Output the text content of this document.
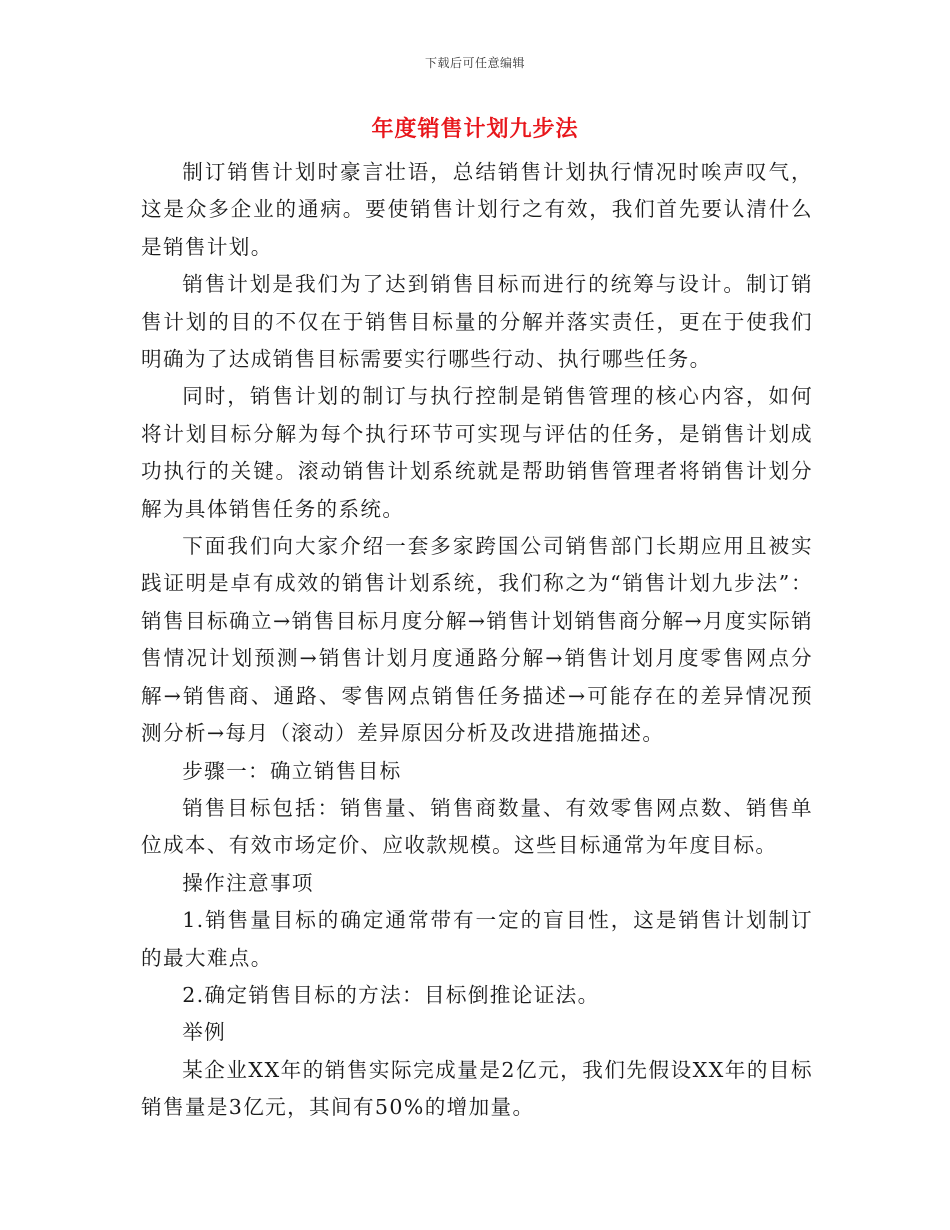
下载后可任意编辑
年度销售计划九步法

制订销售计划时豪言壮语，总结销售计划执行情况时唉声叹气，这是众多企业的通病。要使销售计划行之有效，我们首先要认清什么是销售计划。

销售计划是我们为了达到销售目标而进行的统筹与设计。制订销售计划的目的不仅在于销售目标量的分解并落实责任，更在于使我们明确为了达成销售目标需要实行哪些行动、执行哪些任务。

同时，销售计划的制订与执行控制是销售管理的核心内容，如何将计划目标分解为每个执行环节可实现与评估的任务，是销售计划成功执行的关键。滚动销售计划系统就是帮助销售管理者将销售计划分解为具体销售任务的系统。

下面我们向大家介绍一套多家跨国公司销售部门长期应用且被实践证明是卓有成效的销售计划系统，我们称之为“销售计划九步法”：销售目标确立→销售目标月度分解→销售计划销售商分解→月度实际销售情况计划预测→销售计划月度通路分解→销售计划月度零售网点分解→销售商、通路、零售网点销售任务描述→可能存在的差异情况预测分析→每月（滚动）差异原因分析及改进措施描述。

步骤一：确立销售目标

销售目标包括：销售量、销售商数量、有效零售网点数、销售单位成本、有效市场定价、应收款规模。这些目标通常为年度目标。

操作注意事项

1.销售量目标的确定通常带有一定的盲目性，这是销售计划制订的最大难点。

2.确定销售目标的方法：目标倒推论证法。

举例

某企业XX年的销售实际完成量是2亿元，我们先假设XX年的目标销售量是3亿元，其间有50%的增加量。
